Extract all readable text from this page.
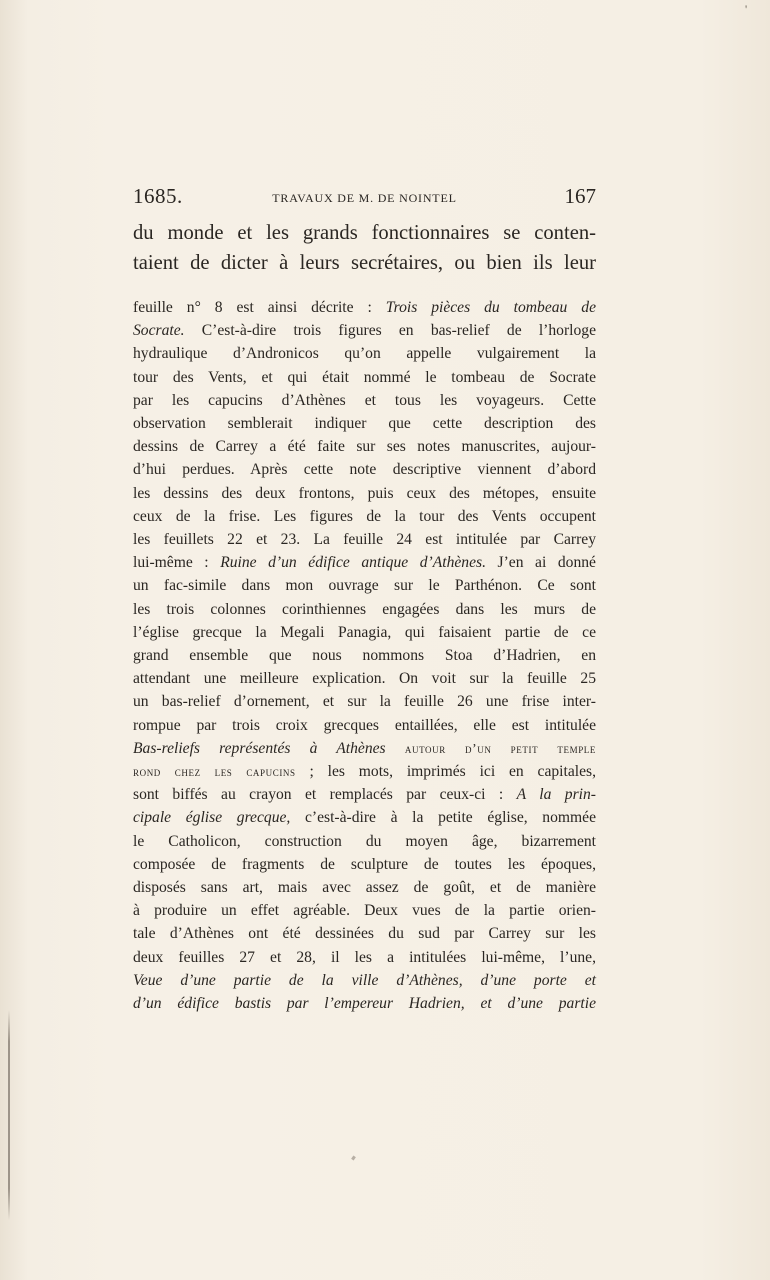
'
1685.	TRAVAUX DE M. DE NOINTEL	167
du monde et les grands fonctionnaires se conten-
taient de dicter à leurs secrétaires, ou bien ils leur
feuille n° 8 est ainsi décrite : Trois pièces du tombeau de
Socrate. C’est-à-dire trois figures en bas-relief de l’horloge
hydraulique d’Andronicos qu’on appelle vulgairement la
tour des Vents, et qui était nommé le tombeau de Socrate
par les capucins d’Athènes et tous les voyageurs. Cette
observation semblerait indiquer que cette description des
dessins de Carrey a été faite sur ses notes manuscrites, aujour-
d’hui perdues. Après cette note descriptive viennent d’abord
les dessins des deux frontons, puis ceux des métopes, ensuite
ceux de la frise. Les figures de la tour des Vents occupent
les feuillets 22 et 23. La feuille 24 est intitulée par Carrey
lui-même : Ruine d’un édifice antique d’Athènes. J’en ai donné
un fac-simile dans mon ouvrage sur le Parthénon. Ce sont
les trois colonnes corinthiennes engagées dans les murs de
l’église grecque la Megali Panagia, qui faisaient partie de ce
grand ensemble que nous nommons Stoa d’Hadrien, en
attendant une meilleure explication. On voit sur la feuille 25
un bas-relief d’ornement, et sur la feuille 26 une frise inter-
rompue par trois croix grecques entaillées, elle est intitulée
Bas-reliefs représentés à Athènes autour d’un petit temple
rond chez les capucins ; les mots, imprimés ici en capitales,
sont biffés au crayon et remplacés par ceux-ci : A la prin-
cipale église grecque, c’est-à-dire à la petite église, nommée
le Catholicon, construction du moyen âge, bizarrement
composée de fragments de sculpture de toutes les époques,
disposés sans art, mais avec assez de goût, et de manière
à produire un effet agréable. Deux vues de la partie orien-
tale d’Athènes ont été dessinées du sud par Carrey sur les
deux feuilles 27 et 28, il les a intitulées lui-même, l’une,
Veue d’une partie de la ville d’Athènes, d’une porte et
d’un édifice bastis par l’empereur Hadrien, et d’une partie
